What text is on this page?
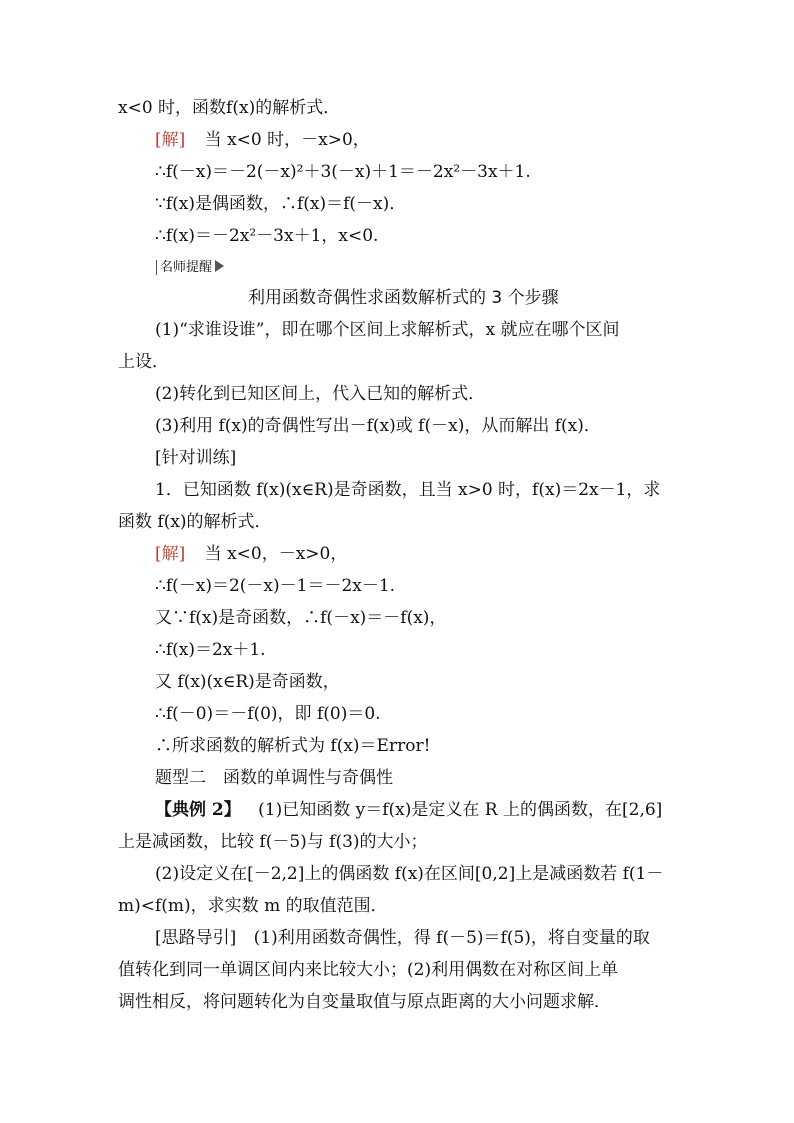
x<0 时，函数f(x)的解析式．
[解] 当 x<0 时，－x>0，
∴f(－x)＝－2(－x)²＋3(－x)＋1＝－2x²－3x＋1.
∵f(x)是偶函数，∴f(x)＝f(－x)．
∴f(x)＝－2x²－3x＋1，x<0.
名师提醒
利用函数奇偶性求函数解析式的 3 个步骤
(1)“求谁设谁”，即在哪个区间上求解析式，x 就应在哪个区间
上设．
(2)转化到已知区间上，代入已知的解析式．
(3)利用 f(x)的奇偶性写出－f(x)或 f(－x)，从而解出 f(x)．
[针对训练]
1．已知函数 f(x)(x∈R)是奇函数，且当 x>0 时，f(x)＝2x－1，求
函数 f(x)的解析式．
[解] 当 x<0，－x>0，
∴f(－x)＝2(－x)－1＝－2x－1.
又∵f(x)是奇函数，∴f(－x)＝－f(x)，
∴f(x)＝2x＋1.
又 f(x)(x∈R)是奇函数，
∴f(－0)＝－f(0)，即 f(0)＝0.
∴所求函数的解析式为 f(x)＝Error!
题型二　函数的单调性与奇偶性
【典例 2】 (1)已知函数 y＝f(x)是定义在 R 上的偶函数，在[2,6]
上是减函数，比较 f(－5)与 f(3)的大小；
(2)设定义在[－2,2]上的偶函数 f(x)在区间[0,2]上是减函数若 f(1－
m)<f(m)，求实数 m 的取值范围．
[思路导引] (1)利用函数奇偶性，得 f(－5)＝f(5)，将自变量的取
值转化到同一单调区间内来比较大小；(2)利用偶数在对称区间上单
调性相反，将问题转化为自变量取值与原点距离的大小问题求解．
